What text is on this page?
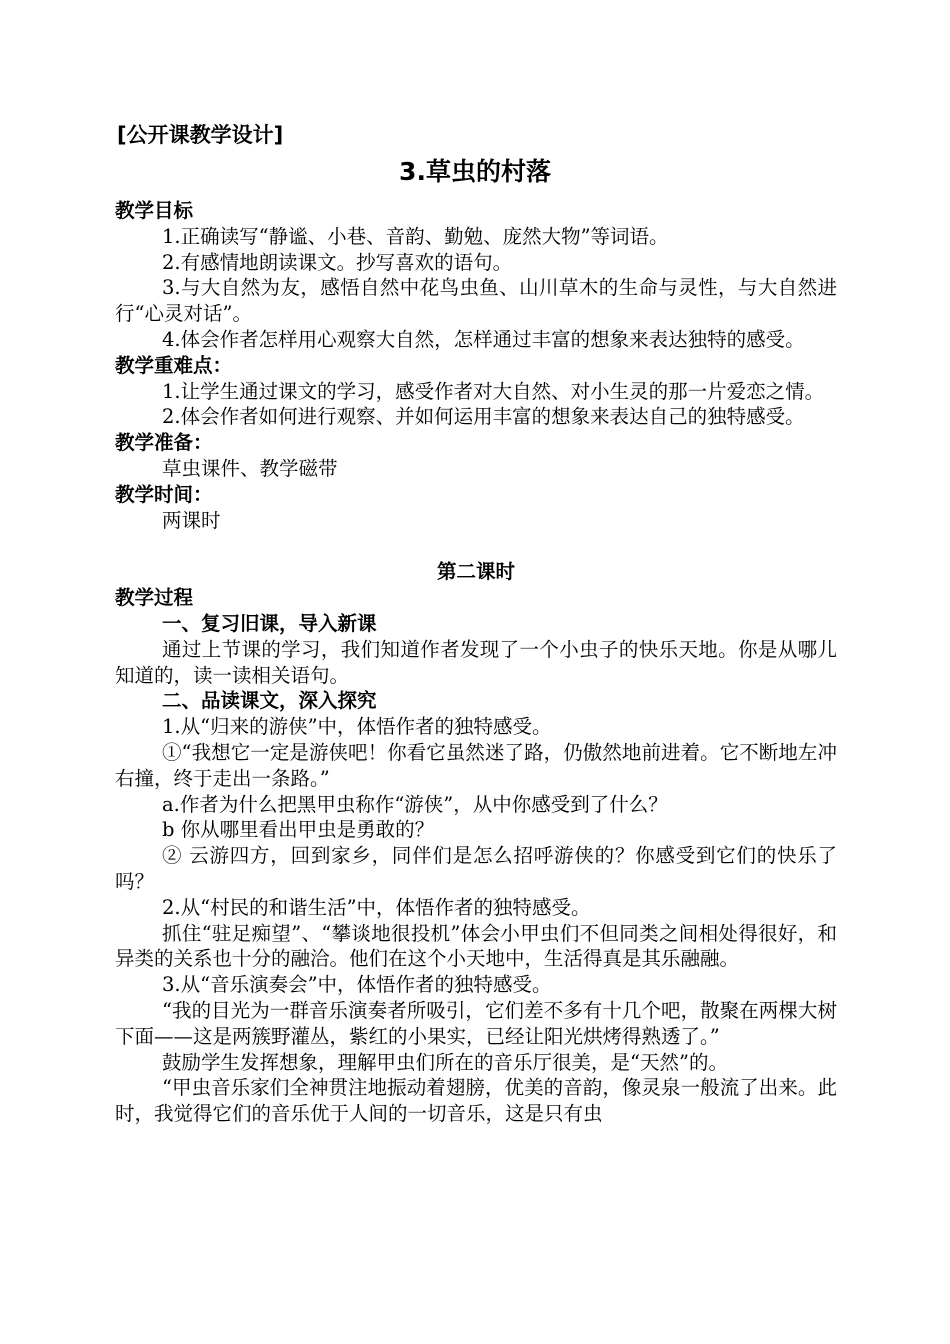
[公开课教学设计]
3.草虫的村落
教学目标
1.正确读写“静谧、小巷、音韵、勤勉、庞然大物”等词语。
2.有感情地朗读课文。抄写喜欢的语句。
3.与大自然为友，感悟自然中花鸟虫鱼、山川草木的生命与灵性，与大自然进行“心灵对话”。
4.体会作者怎样用心观察大自然，怎样通过丰富的想象来表达独特的感受。
教学重难点：
1.让学生通过课文的学习，感受作者对大自然、对小生灵的那一片爱恋之情。
2.体会作者如何进行观察、并如何运用丰富的想象来表达自己的独特感受。
教学准备：
草虫课件、教学磁带
教学时间：
两课时
第二课时
教学过程
一、复习旧课，导入新课
通过上节课的学习，我们知道作者发现了一个小虫子的快乐天地。你是从哪儿知道的，读一读相关语句。
二、品读课文，深入探究
1.从“归来的游侠”中，体悟作者的独特感受。
①“我想它一定是游侠吧！你看它虽然迷了路，仍傲然地前进着。它不断地左冲右撞，终于走出一条路。”
a.作者为什么把黑甲虫称作“游侠”，从中你感受到了什么？
b 你从哪里看出甲虫是勇敢的？
② 云游四方，回到家乡，同伴们是怎么招呼游侠的？你感受到它们的快乐了吗？
2.从“村民的和谐生活”中，体悟作者的独特感受。
抓住“驻足痴望”、“攀谈地很投机”体会小甲虫们不但同类之间相处得很好，和异类的关系也十分的融洽。他们在这个小天地中，生活得真是其乐融融。
3.从“音乐演奏会”中，体悟作者的独特感受。
“我的目光为一群音乐演奏者所吸引，它们差不多有十几个吧，散聚在两棵大树下面——这是两簇野灌丛，紫红的小果实，已经让阳光烘烤得熟透了。”
鼓励学生发挥想象，理解甲虫们所在的音乐厅很美，是“天然”的。
“甲虫音乐家们全神贯注地振动着翅膀，优美的音韵，像灵泉一般流了出来。此时，我觉得它们的音乐优于人间的一切音乐，这是只有虫
